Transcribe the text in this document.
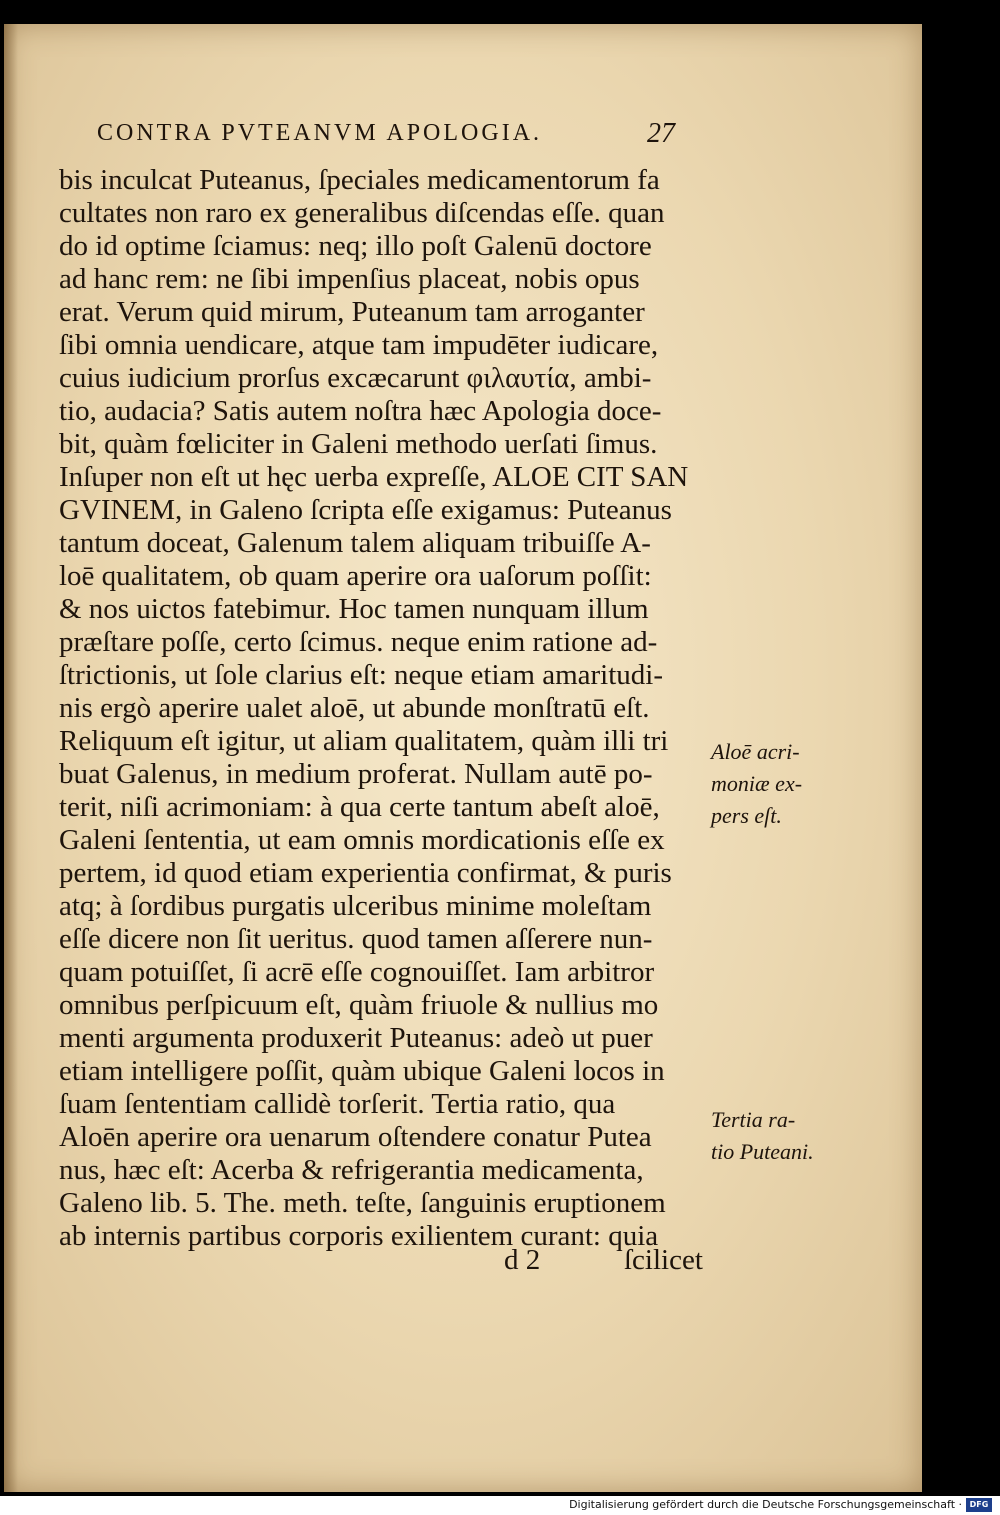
CONTRA PVTEANVM APOLOGIA.	27
bis inculcat Puteanus, ſpeciales medicamentorum fa
cultates non raro ex generalibus diſcendas eſſe. quan
do id optime ſciamus: neq; illo poſt Galenū doctore
ad hanc rem: ne ſibi impenſius placeat, nobis opus
erat. Verum quid mirum, Puteanum tam arroganter
ſibi omnia uendicare, atque tam impudēter iudicare,
cuius iudicium prorſus excæcarunt φιλαυτία, ambi-
tio, audacia? Satis autem noſtra hæc Apologia doce-
bit, quàm fœliciter in Galeni methodo uerſati ſimus.
Inſuper non eſt ut hęc uerba expreſſe, ALOE CIT SAN
GVINEM, in Galeno ſcripta eſſe exigamus: Puteanus
tantum doceat, Galenum talem aliquam tribuiſſe A-
loē qualitatem, ob quam aperire ora uaſorum poſſit:
& nos uictos fatebimur. Hoc tamen nunquam illum
præſtare poſſe, certo ſcimus. neque enim ratione ad-
ſtrictionis, ut ſole clarius eſt: neque etiam amaritudi-
nis ergò aperire ualet aloē, ut abunde monſtratū eſt.
Reliquum eſt igitur, ut aliam qualitatem, quàm illi tri
buat Galenus, in medium proferat. Nullam autē po-
terit, niſi acrimoniam: à qua certe tantum abeſt aloē,
Galeni ſententia, ut eam omnis mordicationis eſſe ex
pertem, id quod etiam experientia confirmat, & puris
atq; à ſordibus purgatis ulceribus minime moleſtam
eſſe dicere non ſit ueritus. quod tamen aſſerere nun-
quam potuiſſet, ſi acrē eſſe cognouiſſet. Iam arbitror
omnibus perſpicuum eſt, quàm friuole & nullius mo
menti argumenta produxerit Puteanus: adeò ut puer
etiam intelligere poſſit, quàm ubique Galeni locos in
ſuam ſententiam callidè torſerit. Tertia ratio, qua
Aloēn aperire ora uenarum oſtendere conatur Putea
nus, hæc eſt: Acerba & refrigerantia medicamenta,
Galeno lib. 5. The. meth. teſte, ſanguinis eruptionem
ab internis partibus corporis exilientem curant: quia
d 2	ſcilicet
Aloē acri-
moniæ ex-
pers eſt.
Tertia ra-
tio Puteani.
Digitalisierung gefördert durch die Deutsche Forschungsgemeinschaft · DFG
